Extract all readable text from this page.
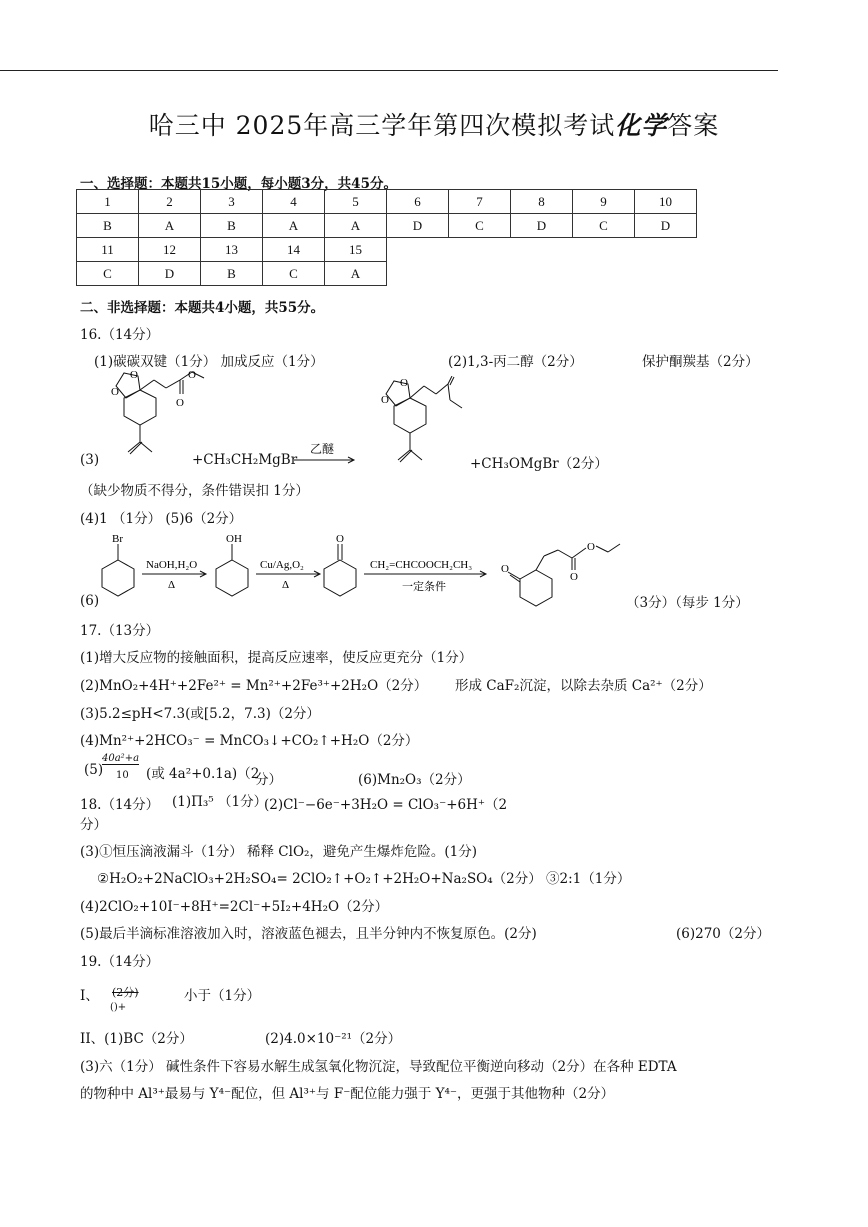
哈三中 2025年高三学年第四次模拟考试化学答案
一、选择题：本题共15小题，每小题3分，共45分。
1	2	3	4	5	6	7	8	9	10
B	A	B	A	A	D	C	D	C	D
11	12	13	14	15					
C	D	B	C	A					
二、非选择题：本题共4小题，共55分。
16.（14分）
(1)碳碳双键（1分） 加成反应（1分）	(2)1,3-丙二醇（2分）	保护酮羰基（2分）
O
O
O
O
(3)	+CH₃CH₂MgBr
乙醚
O
O
+CH₃OMgBr（2分）
（缺少物质不得分，条件错误扣 1分）
(4)1 （1分） (5)6（2分）
Br	OH	O
O
O
O
NaOH,H₂O
Δ
Cu/Ag,O₂
Δ
CH₂=CHCOOCH₂CH₃
一定条件
(6)	（3分）（每步 1分）
17.（13分）
(1)增大反应物的接触面积，提高反应速率，使反应更充分（1分）
(2)MnO₂+4H⁺+2Fe²⁺ = Mn²⁺+2Fe³⁺+2H₂O（2分） 形成 CaF₂沉淀，以除去杂质 Ca²⁺（2分）
(3)5.2≤pH<7.3(或[5.2，7.3)（2分）
(4)Mn²⁺+2HCO₃⁻ = MnCO₃↓+CO₂↑+H₂O（2分）
(5)
40a²+a
10 (或 4a²+0.1a)（2
分）	(6)Mn₂O₃（2分）
18.（14分） (1)Π₃⁵ （1分）
(2)Cl⁻−6e⁻+3H₂O = ClO₃⁻+6H⁺（2
分）
(3)①恒压滴液漏斗（1分） 稀释 ClO₂，避免产生爆炸危险。(1分)
②H₂O₂+2NaClO₃+2H₂SO₄= 2ClO₂↑+O₂↑+2H₂O+Na₂SO₄（2分） ③2:1（1分）
(4)2ClO₂+10I⁻+8H⁺=2Cl⁻+5I₂+4H₂O（2分）
(5)最后半滴标准溶液加入时，溶液蓝色褪去，且半分钟内不恢复原色。(2分)	(6)270（2分）
19.（14分）
I、 (2分)
()+
小于（1分）
II、(1)BC（2分）	(2)4.0×10⁻²¹（2分）
(3)六（1分） 碱性条件下容易水解生成氢氧化物沉淀，导致配位平衡逆向移动（2分）在各种 EDTA
的物种中 Al³⁺最易与 Y⁴⁻配位，但 Al³⁺与 F⁻配位能力强于 Y⁴⁻，更强于其他物种（2分）
